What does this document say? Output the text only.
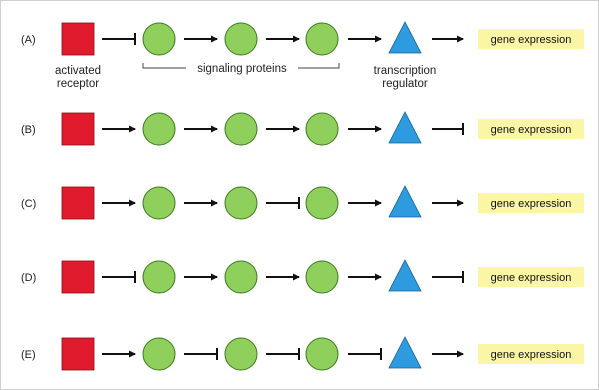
(A)	gene expression
(B)	gene expression
(C)	gene expression
(D)	gene expression
(E)	gene expression
activated receptor
signaling proteins	transcription regulator
